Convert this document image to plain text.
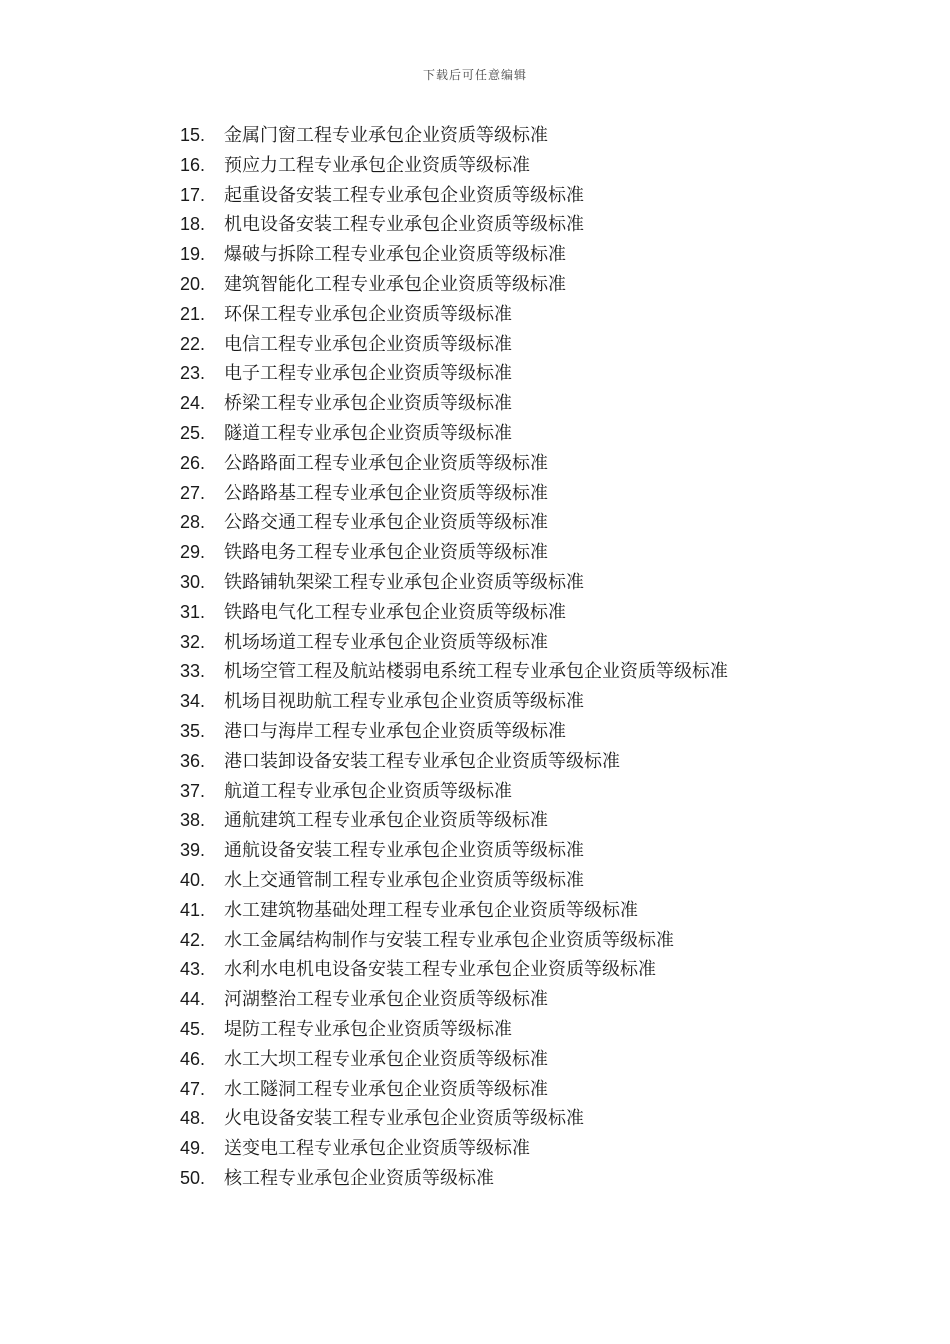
下载后可任意编辑
15.	金属门窗工程专业承包企业资质等级标准
16.	预应力工程专业承包企业资质等级标准
17.	起重设备安装工程专业承包企业资质等级标准
18.	机电设备安装工程专业承包企业资质等级标准
19.	爆破与拆除工程专业承包企业资质等级标准
20.	建筑智能化工程专业承包企业资质等级标准
21.	环保工程专业承包企业资质等级标准
22.	电信工程专业承包企业资质等级标准
23.	电子工程专业承包企业资质等级标准
24.	桥梁工程专业承包企业资质等级标准
25.	隧道工程专业承包企业资质等级标准
26.	公路路面工程专业承包企业资质等级标准
27.	公路路基工程专业承包企业资质等级标准
28.	公路交通工程专业承包企业资质等级标准
29.	铁路电务工程专业承包企业资质等级标准
30.	铁路铺轨架梁工程专业承包企业资质等级标准
31.	铁路电气化工程专业承包企业资质等级标准
32.	机场场道工程专业承包企业资质等级标准
33.	机场空管工程及航站楼弱电系统工程专业承包企业资质等级标准
34.	机场目视助航工程专业承包企业资质等级标准
35.	港口与海岸工程专业承包企业资质等级标准
36.	港口装卸设备安装工程专业承包企业资质等级标准
37.	航道工程专业承包企业资质等级标准
38.	通航建筑工程专业承包企业资质等级标准
39.	通航设备安装工程专业承包企业资质等级标准
40.	水上交通管制工程专业承包企业资质等级标准
41.	水工建筑物基础处理工程专业承包企业资质等级标准
42.	水工金属结构制作与安装工程专业承包企业资质等级标准
43.	水利水电机电设备安装工程专业承包企业资质等级标准
44.	河湖整治工程专业承包企业资质等级标准
45.	堤防工程专业承包企业资质等级标准
46.	水工大坝工程专业承包企业资质等级标准
47.	水工隧洞工程专业承包企业资质等级标准
48.	火电设备安装工程专业承包企业资质等级标准
49.	送变电工程专业承包企业资质等级标准
50.	核工程专业承包企业资质等级标准
